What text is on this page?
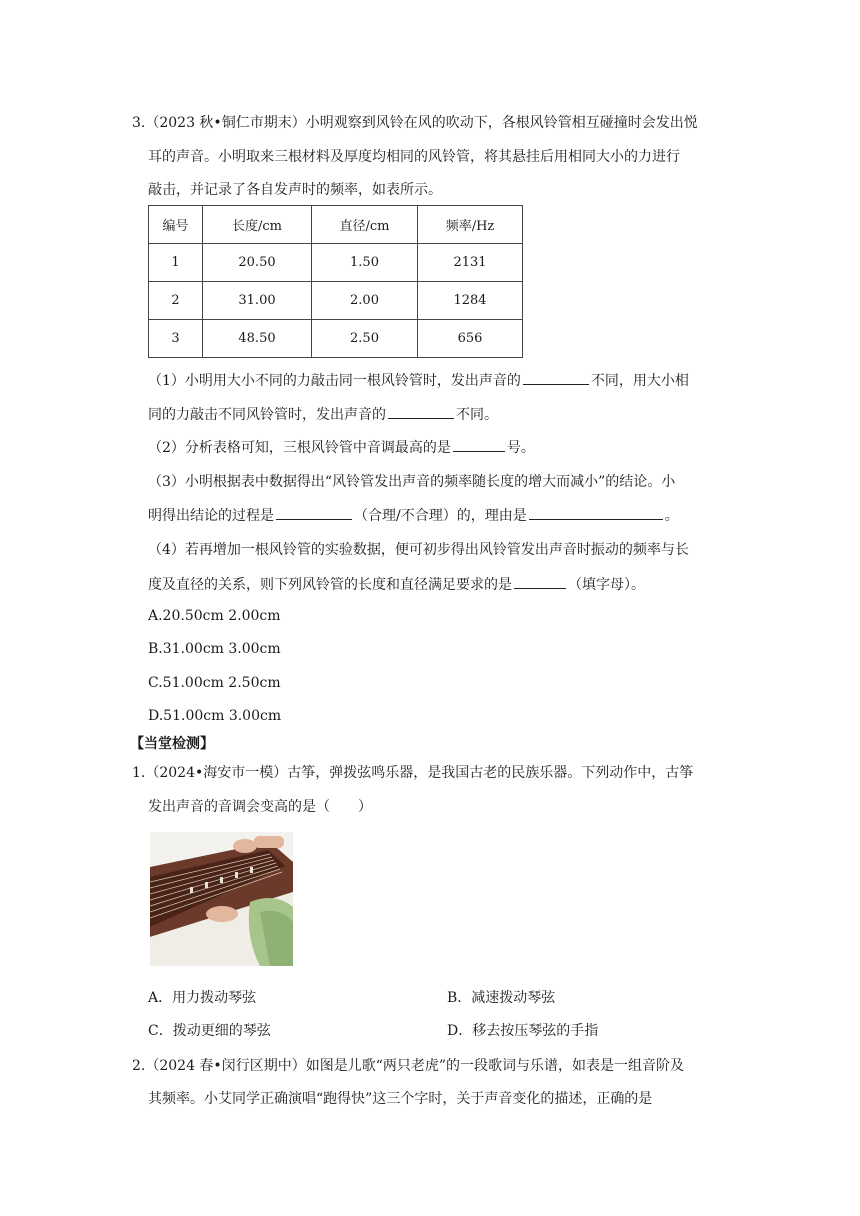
3.（2023 秋•铜仁市期末）小明观察到风铃在风的吹动下，各根风铃管相互碰撞时会发出悦
耳的声音。小明取来三根材料及厚度均相同的风铃管，将其悬挂后用相同大小的力进行
敲击，并记录了各自发声时的频率，如表所示。
编号	长度/cm	直径/cm	频率/Hz
1	20.50	1.50	2131
2	31.00	2.00	1284
3	48.50	2.50	656
（1）小明用大小不同的力敲击同一根风铃管时，发出声音的	不同，用大小相
同的力敲击不同风铃管时，发出声音的	不同。
（2）分析表格可知，三根风铃管中音调最高的是	号。
（3）小明根据表中数据得出“风铃管发出声音的频率随长度的增大而减小”的结论。小
明得出结论的过程是	（合理/不合理）的，理由是	。
（4）若再增加一根风铃管的实验数据，便可初步得出风铃管发出声音时振动的频率与长
度及直径的关系，则下列风铃管的长度和直径满足要求的是	（填字母）。
A.20.50cm 2.00cm
B.31.00cm 3.00cm
C.51.00cm 2.50cm
D.51.00cm 3.00cm
【当堂检测】
1.（2024•海安市一模）古筝，弹拨弦鸣乐器，是我国古老的民族乐器。下列动作中，古筝
发出声音的音调会变高的是（　　）
A．用力拨动琴弦	B．减速拨动琴弦
C．拨动更细的琴弦	D．移去按压琴弦的手指
2.（2024 春•闵行区期中）如图是儿歌“两只老虎”的一段歌词与乐谱，如表是一组音阶及
其频率。小艾同学正确演唱“跑得快”这三个字时，关于声音变化的描述，正确的是
